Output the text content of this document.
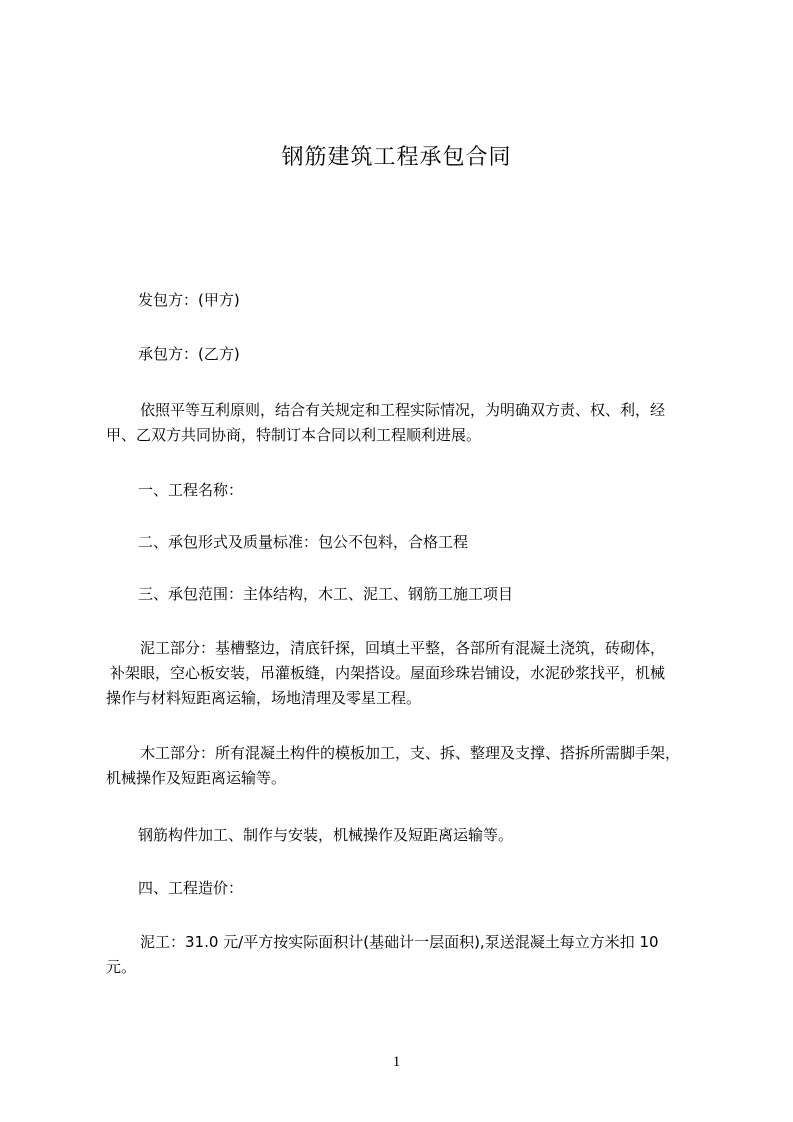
钢筋建筑工程承包合同
发包方：(甲方)
承包方：(乙方)
依照平等互利原则，结合有关规定和工程实际情况，为明确双方责、权、利，经
甲、乙双方共同协商，特制订本合同以利工程顺利进展。
一、工程名称：
二、承包形式及质量标准：包公不包料，合格工程
三、承包范围：主体结构，木工、泥工、钢筋工施工项目
泥工部分：基槽整边，清底钎探，回填土平整，各部所有混凝土浇筑，砖砌体，
补架眼，空心板安装，吊灌板缝，内架搭设。屋面珍珠岩铺设，水泥砂浆找平，机械
操作与材料短距离运输，场地清理及零星工程。
木工部分：所有混凝土构件的模板加工，支、拆、整理及支撑、搭拆所需脚手架，
机械操作及短距离运输等。
钢筋构件加工、制作与安装，机械操作及短距离运输等。
四、工程造价：
泥工：31.0 元/平方按实际面积计(基础计一层面积),泵送混凝土每立方米扣 10
元。
1
